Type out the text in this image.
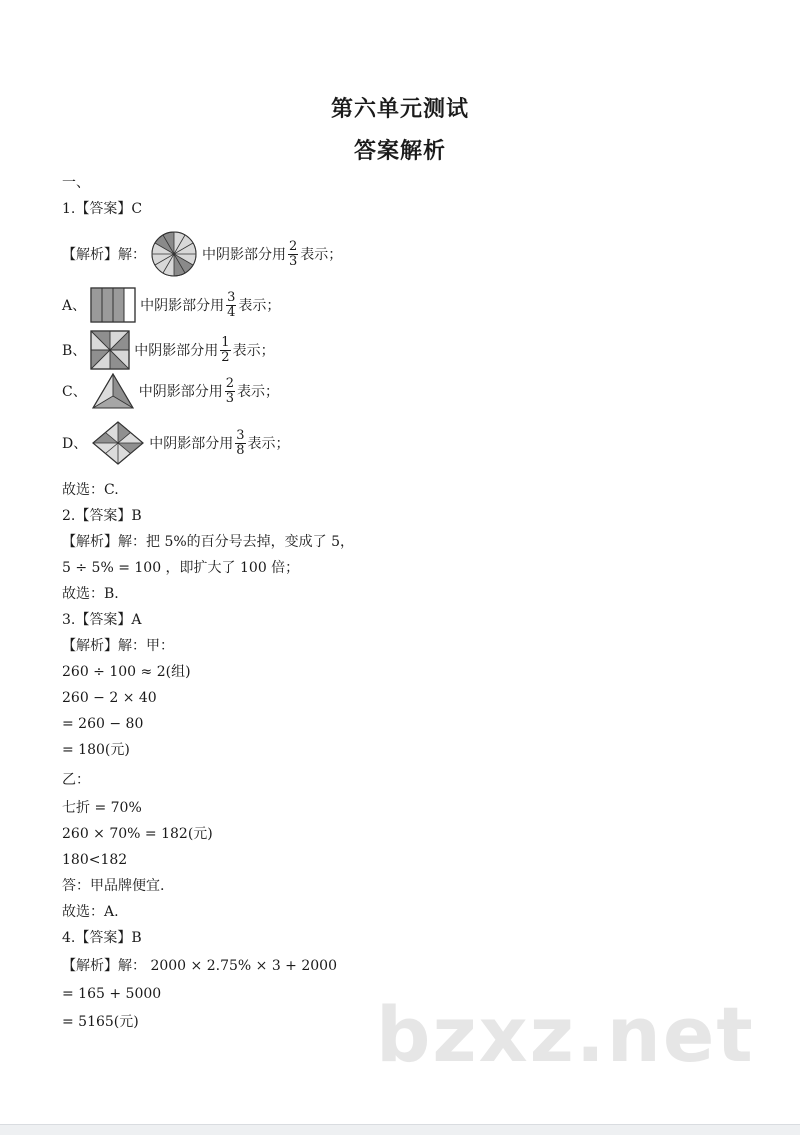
第六单元测试
答案解析
一、
1.【答案】C
【解析】解：	中阴影部分用 $\frac{2}{3}$ 表示；
A、	中阴影部分用 $\frac{3}{4}$ 表示；
B、	中阴影部分用 $\frac{1}{2}$ 表示；
C、	中阴影部分用 $\frac{2}{3}$ 表示；
D、	中阴影部分用 $\frac{3}{8}$ 表示；
故选：C.
2.【答案】B
【解析】解：把 5%的百分号去掉，变成了 5，
5 ÷ 5% = 100 ，即扩大了 100 倍；
故选：B.
3.【答案】A
【解析】解：甲：
260 ÷ 100 ≈ 2(组)
260 − 2 × 40
= 260 − 80
= 180(元)
乙：
七折 = 70%
260 × 70% = 182(元)
180<182
答：甲品牌便宜.
故选：A.
4.【答案】B
【解析】解： 2000 × 2.75% × 3 + 2000
= 165 + 5000
= 5165(元)	bzxz.net
